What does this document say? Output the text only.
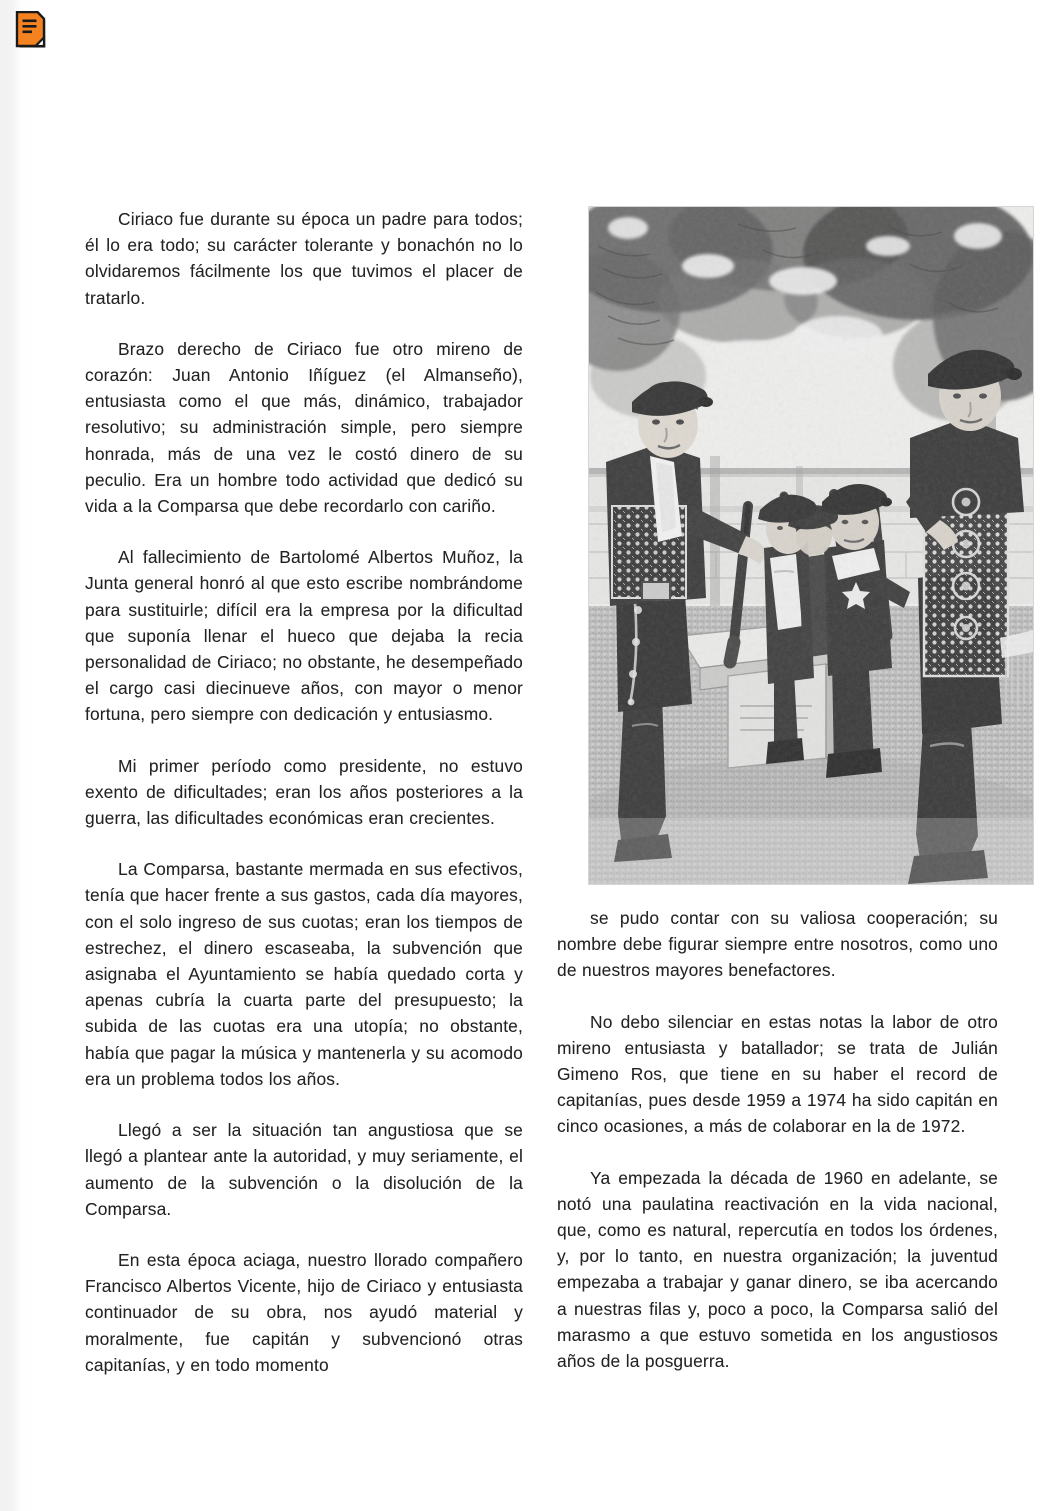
Ciriaco fue durante su época un padre para todos; él lo era todo; su carácter tolerante y bonachón no lo olvidaremos fácilmente los que tuvimos el placer de tratarlo.

Brazo derecho de Ciriaco fue otro mireno de corazón: Juan Antonio Iñíguez (el Almanseño), entusiasta como el que más, dinámico, trabajador resolutivo; su administración simple, pero siempre honrada, más de una vez le costó dinero de su peculio. Era un hombre todo actividad que dedicó su vida a la Comparsa que debe recordarlo con cariño.

Al fallecimiento de Bartolomé Albertos Muñoz, la Junta general honró al que esto escribe nombrándome para sustituirle; difícil era la empresa por la dificultad que suponía llenar el hueco que dejaba la recia personalidad de Ciriaco; no obstante, he desempeñado el cargo casi diecinueve años, con mayor o menor fortuna, pero siempre con dedicación y entusiasmo.

Mi primer período como presidente, no estuvo exento de dificultades; eran los años posteriores a la guerra, las dificultades económicas eran crecientes.

La Comparsa, bastante mermada en sus efectivos, tenía que hacer frente a sus gastos, cada día mayores, con el solo ingreso de sus cuotas; eran los tiempos de estrechez, el dinero escaseaba, la subvención que asignaba el Ayuntamiento se había quedado corta y apenas cubría la cuarta parte del presupuesto; la subida de las cuotas era una utopía; no obstante, había que pagar la música y mantenerla y su acomodo era un problema todos los años.

Llegó a ser la situación tan angustiosa que se llegó a plantear ante la autoridad, y muy seriamente, el aumento de la subvención o la disolución de la Comparsa.

En esta época aciaga, nuestro llorado compañero Francisco Albertos Vicente, hijo de Ciriaco y entusiasta continuador de su obra, nos ayudó material y moralmente, fue capitán y subvencionó otras capitanías, y en todo momento

se pudo contar con su valiosa cooperación; su nombre debe figurar siempre entre nosotros, como uno de nuestros mayores benefactores.

No debo silenciar en estas notas la labor de otro mireno entusiasta y batallador; se trata de Julián Gimeno Ros, que tiene en su haber el record de capitanías, pues desde 1959 a 1974 ha sido capitán en cinco ocasiones, a más de colaborar en la de 1972.

Ya empezada la década de 1960 en adelante, se notó una paulatina reactivación en la vida nacional, que, como es natural, repercutía en todos los órdenes, y, por lo tanto, en nuestra organización; la juventud empezaba a trabajar y ganar dinero, se iba acercando a nuestras filas y, poco a poco, la Comparsa salió del marasmo a que estuvo sometida en los angustiosos años de la posguerra.
